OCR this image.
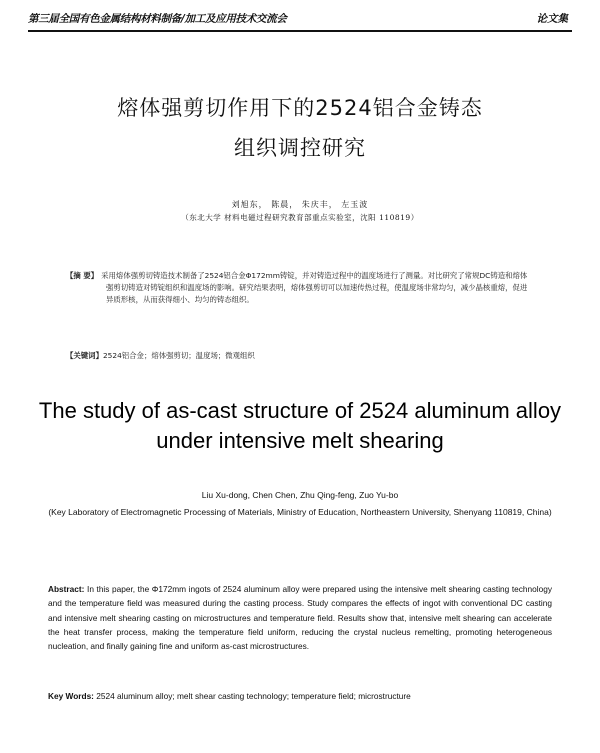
第三届全国有色金属结构材料制备/加工及应用技术交流会	论文集
熔体强剪切作用下的2524铝合金铸态
组织调控研究
刘旭东， 陈晨， 朱庆丰， 左玉波
（东北大学 材料电磁过程研究教育部重点实验室，沈阳 110819）
【摘 要】 采用熔体强剪切铸造技术制备了2524铝合金Φ172mm铸锭，并对铸造过程中的温度场进行了测量。对比研究了常规DC铸造和熔体强剪切铸造对铸锭组织和温度场的影响。研究结果表明，熔体强剪切可以加速传热过程，使温度场非常均匀，减少晶核重熔，促进异质形核，从而获得细小、均匀的铸态组织。
【关键词】2524铝合金；熔体强剪切；温度场；微观组织
The study of as-cast structure of 2524 aluminum alloy
under intensive melt shearing
Liu Xu-dong, Chen Chen, Zhu Qing-feng, Zuo Yu-bo
(Key Laboratory of Electromagnetic Processing of Materials, Ministry of Education, Northeastern University, Shenyang 110819, China)
Abstract: In this paper, the Φ172mm ingots of 2524 aluminum alloy were prepared using the intensive melt shearing casting technology and the temperature field was measured during the casting process. Study compares the effects of ingot with conventional DC casting and intensive melt shearing casting on microstructures and temperature field. Results show that, intensive melt shearing can accelerate the heat transfer process, making the temperature field uniform, reducing the crystal nucleus remelting, promoting heterogeneous nucleation, and finally gaining fine and uniform as-cast microstructures.
Key Words: 2524 aluminum alloy; melt shear casting technology; temperature field; microstructure
